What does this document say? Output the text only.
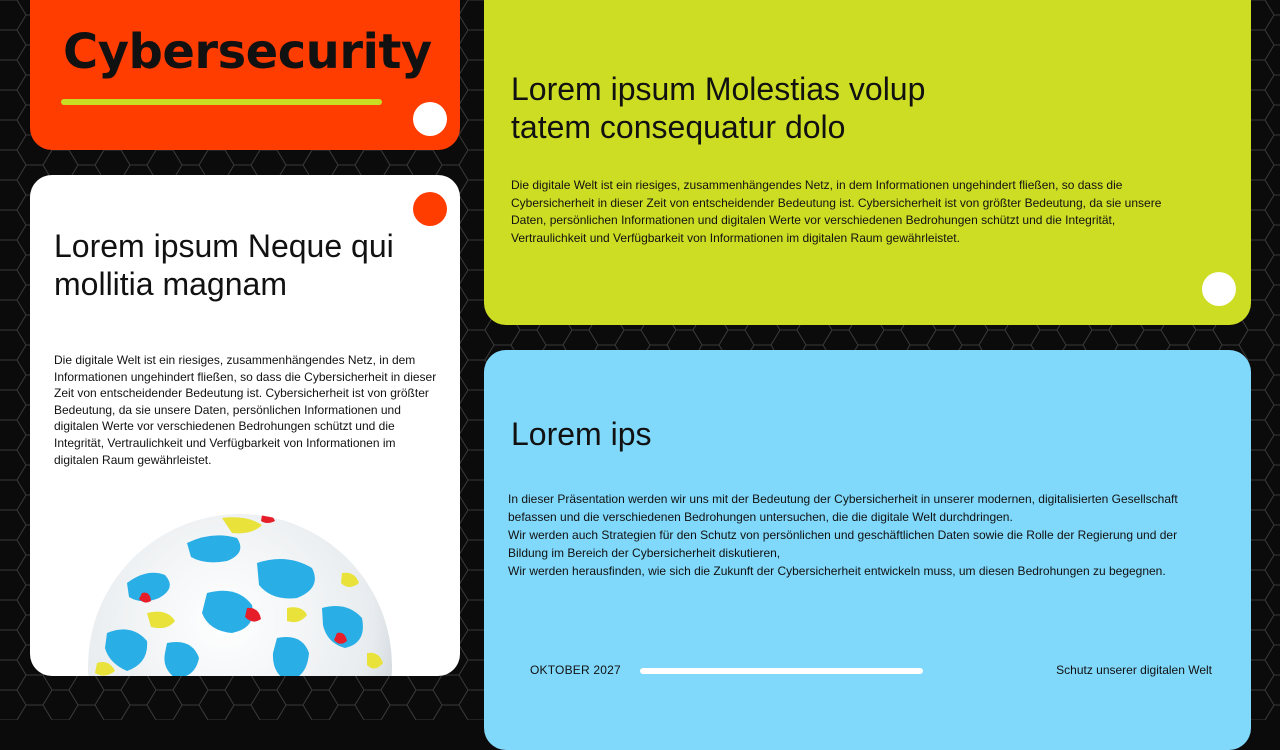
Cybersecurity
Lorem ipsum Neque qui mollitia magnam

Die digitale Welt ist ein riesiges, zusammenhängendes Netz, in dem Informationen ungehindert fließen, so dass die Cybersicherheit in dieser Zeit von entscheidender Bedeutung ist. Cybersicherheit ist von größter Bedeutung, da sie unsere Daten, persönlichen Informationen und digitalen Werte vor verschiedenen Bedrohungen schützt und die Integrität, Vertraulichkeit und Verfügbarkeit von Informationen im digitalen Raum gewährleistet.

Lorem ipsum Molestias volup tatem consequatur dolo

Die digitale Welt ist ein riesiges, zusammenhängendes Netz, in dem Informationen ungehindert fließen, so dass die Cybersicherheit in dieser Zeit von entscheidender Bedeutung ist. Cybersicherheit ist von größter Bedeutung, da sie unsere Daten, persönlichen Informationen und digitalen Werte vor verschiedenen Bedrohungen schützt und die Integrität, Vertraulichkeit und Verfügbarkeit von Informationen im digitalen Raum gewährleistet.

Lorem ips

In dieser Präsentation werden wir uns mit der Bedeutung der Cybersicherheit in unserer modernen, digitalisierten Gesellschaft befassen und die verschiedenen Bedrohungen untersuchen, die die digitale Welt durchdringen.

Wir werden auch Strategien für den Schutz von persönlichen und geschäftlichen Daten sowie die Rolle der Regierung und der Bildung im Bereich der Cybersicherheit diskutieren,

Wir werden herausfinden, wie sich die Zukunft der Cybersicherheit entwickeln muss, um diesen Bedrohungen zu begegnen.

OKTOBER 2027	Schutz unserer digitalen Welt
